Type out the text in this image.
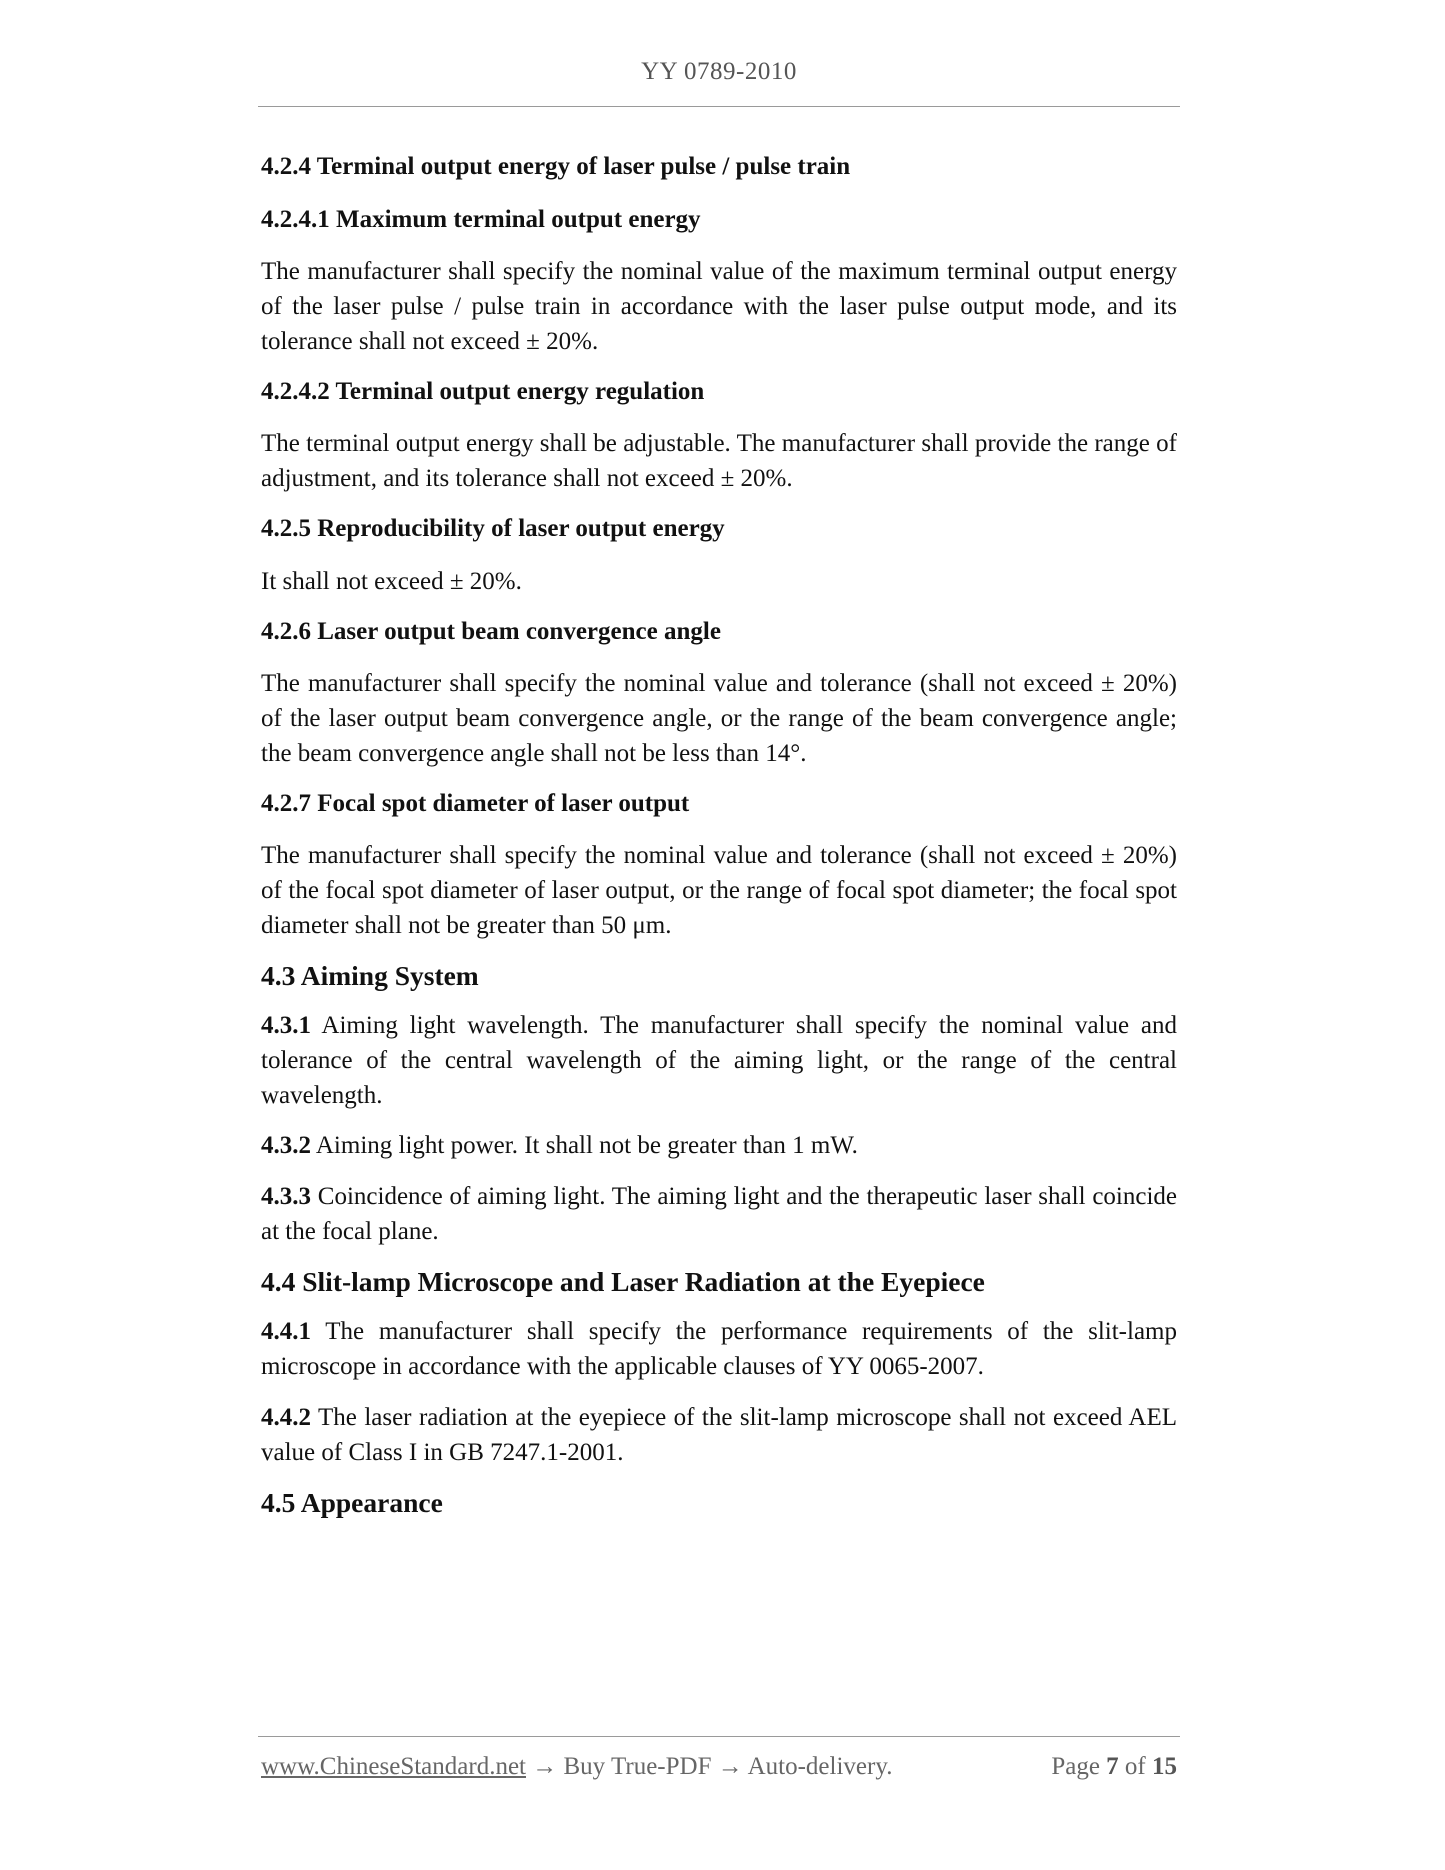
YY 0789-2010
4.2.4 Terminal output energy of laser pulse / pulse train
4.2.4.1 Maximum terminal output energy
The manufacturer shall specify the nominal value of the maximum terminal output energy of the laser pulse / pulse train in accordance with the laser pulse output mode, and its tolerance shall not exceed ± 20%.
4.2.4.2 Terminal output energy regulation
The terminal output energy shall be adjustable. The manufacturer shall provide the range of adjustment, and its tolerance shall not exceed ± 20%.
4.2.5 Reproducibility of laser output energy
It shall not exceed ± 20%.
4.2.6 Laser output beam convergence angle
The manufacturer shall specify the nominal value and tolerance (shall not exceed ± 20%) of the laser output beam convergence angle, or the range of the beam convergence angle; the beam convergence angle shall not be less than 14°.
4.2.7 Focal spot diameter of laser output
The manufacturer shall specify the nominal value and tolerance (shall not exceed ± 20%) of the focal spot diameter of laser output, or the range of focal spot diameter; the focal spot diameter shall not be greater than 50 μm.
4.3 Aiming System
4.3.1 Aiming light wavelength. The manufacturer shall specify the nominal value and tolerance of the central wavelength of the aiming light, or the range of the central wavelength.
4.3.2 Aiming light power. It shall not be greater than 1 mW.
4.3.3 Coincidence of aiming light. The aiming light and the therapeutic laser shall coincide at the focal plane.
4.4 Slit-lamp Microscope and Laser Radiation at the Eyepiece
4.4.1 The manufacturer shall specify the performance requirements of the slit-lamp microscope in accordance with the applicable clauses of YY 0065-2007.
4.4.2 The laser radiation at the eyepiece of the slit-lamp microscope shall not exceed AEL value of Class I in GB 7247.1-2001.
4.5 Appearance
www.ChineseStandard.net → Buy True-PDF → Auto-delivery.	Page 7 of 15
